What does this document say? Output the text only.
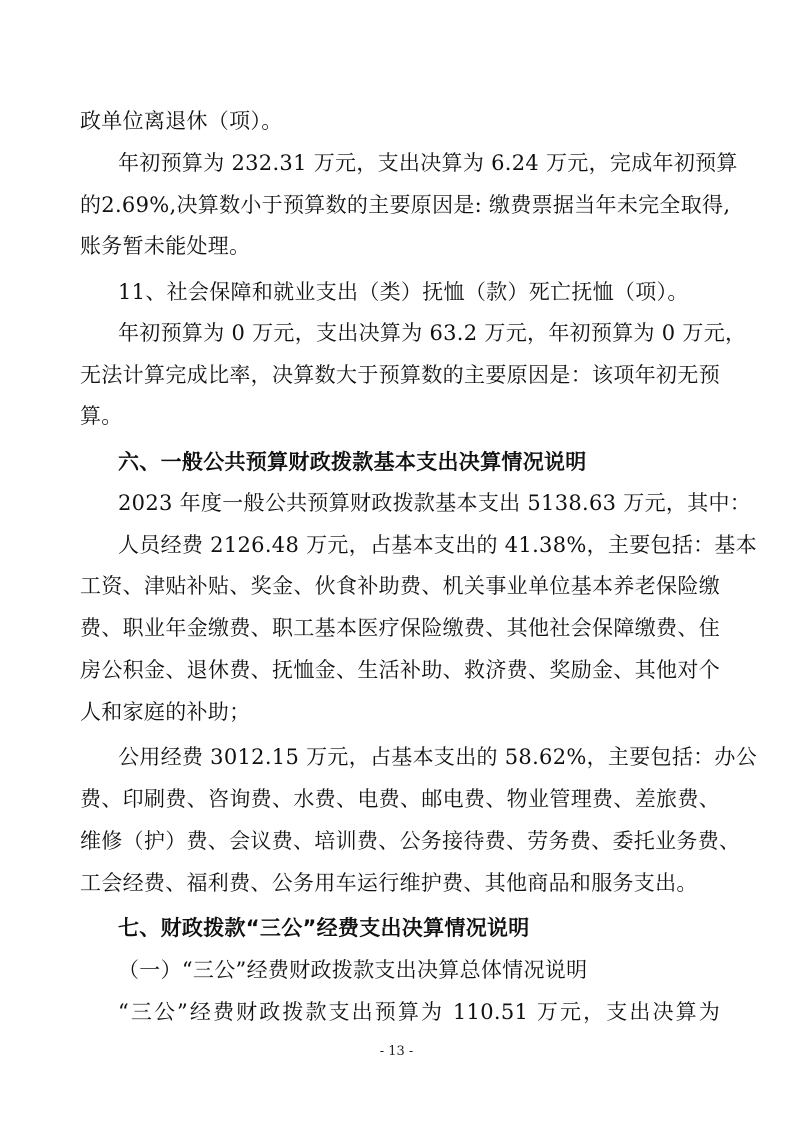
政单位离退休（项）。
年初预算为 232.31 万元，支出决算为 6.24 万元，完成年初预算
的2.69%,决算数小于预算数的主要原因是: 缴费票据当年未完全取得,
账务暂未能处理。
11、社会保障和就业支出（类）抚恤（款）死亡抚恤（项）。
年初预算为 0 万元，支出决算为 63.2 万元，年初预算为 0 万元，
无法计算完成比率，决算数大于预算数的主要原因是：该项年初无预
算。
六、一般公共预算财政拨款基本支出决算情况说明
2023 年度一般公共预算财政拨款基本支出 5138.63 万元，其中：
人员经费 2126.48 万元，占基本支出的 41.38%，主要包括：基本
工资、津贴补贴、奖金、伙食补助费、机关事业单位基本养老保险缴
费、职业年金缴费、职工基本医疗保险缴费、其他社会保障缴费、住
房公积金、退休费、抚恤金、生活补助、救济费、奖励金、其他对个
人和家庭的补助；
公用经费 3012.15 万元，占基本支出的 58.62%，主要包括：办公
费、印刷费、咨询费、水费、电费、邮电费、物业管理费、差旅费、
维修（护）费、会议费、培训费、公务接待费、劳务费、委托业务费、
工会经费、福利费、公务用车运行维护费、其他商品和服务支出。
七、财政拨款“三公”经费支出决算情况说明
（一）“三公”经费财政拨款支出决算总体情况说明
“三公”经费财政拨款支出预算为 110.51 万元，支出决算为
- 13 -
